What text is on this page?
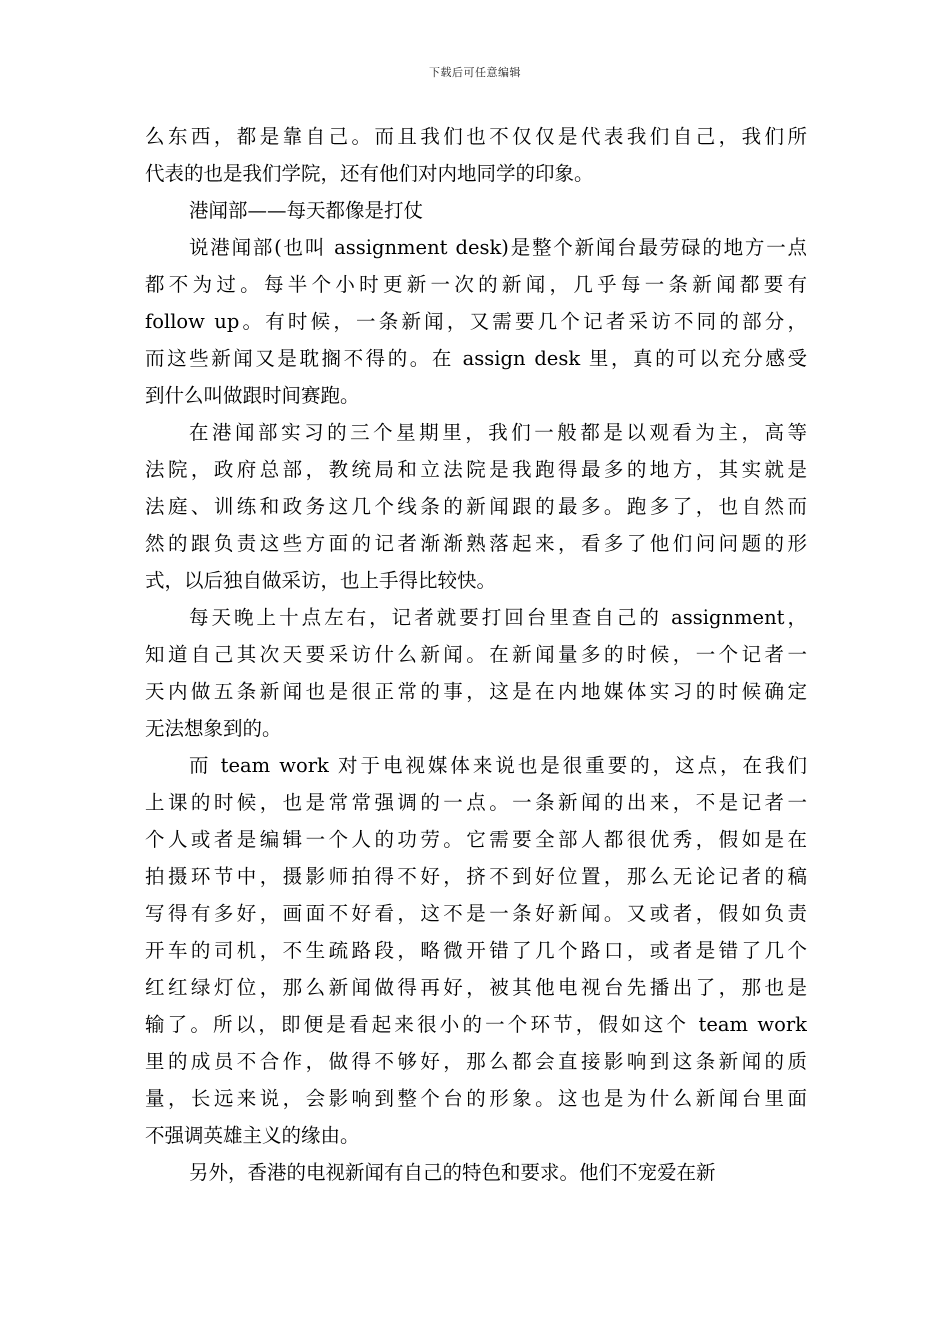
下载后可任意编辑
么东西，都是靠自己。而且我们也不仅仅是代表我们自己，我们所
代表的也是我们学院，还有他们对内地同学的印象。
港闻部——每天都像是打仗
说港闻部(也叫 assignment desk)是整个新闻台最劳碌的地方一点
都不为过。每半个小时更新一次的新闻，几乎每一条新闻都要有
follow up。有时候，一条新闻，又需要几个记者采访不同的部分，
而这些新闻又是耽搁不得的。在 assign desk 里，真的可以充分感受
到什么叫做跟时间赛跑。
在港闻部实习的三个星期里，我们一般都是以观看为主，高等
法院，政府总部，教统局和立法院是我跑得最多的地方，其实就是
法庭、训练和政务这几个线条的新闻跟的最多。跑多了，也自然而
然的跟负责这些方面的记者渐渐熟落起来，看多了他们问问题的形
式，以后独自做采访，也上手得比较快。
每天晚上十点左右，记者就要打回台里查自己的 assignment，
知道自己其次天要采访什么新闻。在新闻量多的时候，一个记者一
天内做五条新闻也是很正常的事，这是在内地媒体实习的时候确定
无法想象到的。
而 team work 对于电视媒体来说也是很重要的，这点，在我们
上课的时候，也是常常强调的一点。一条新闻的出来，不是记者一
个人或者是编辑一个人的功劳。它需要全部人都很优秀，假如是在
拍摄环节中，摄影师拍得不好，挤不到好位置，那么无论记者的稿
写得有多好，画面不好看，这不是一条好新闻。又或者，假如负责
开车的司机，不生疏路段，略微开错了几个路口，或者是错了几个
红红绿灯位，那么新闻做得再好，被其他电视台先播出了，那也是
输了。所以，即便是看起来很小的一个环节，假如这个 team work
里的成员不合作，做得不够好，那么都会直接影响到这条新闻的质
量，长远来说，会影响到整个台的形象。这也是为什么新闻台里面
不强调英雄主义的缘由。
另外，香港的电视新闻有自己的特色和要求。他们不宠爱在新
